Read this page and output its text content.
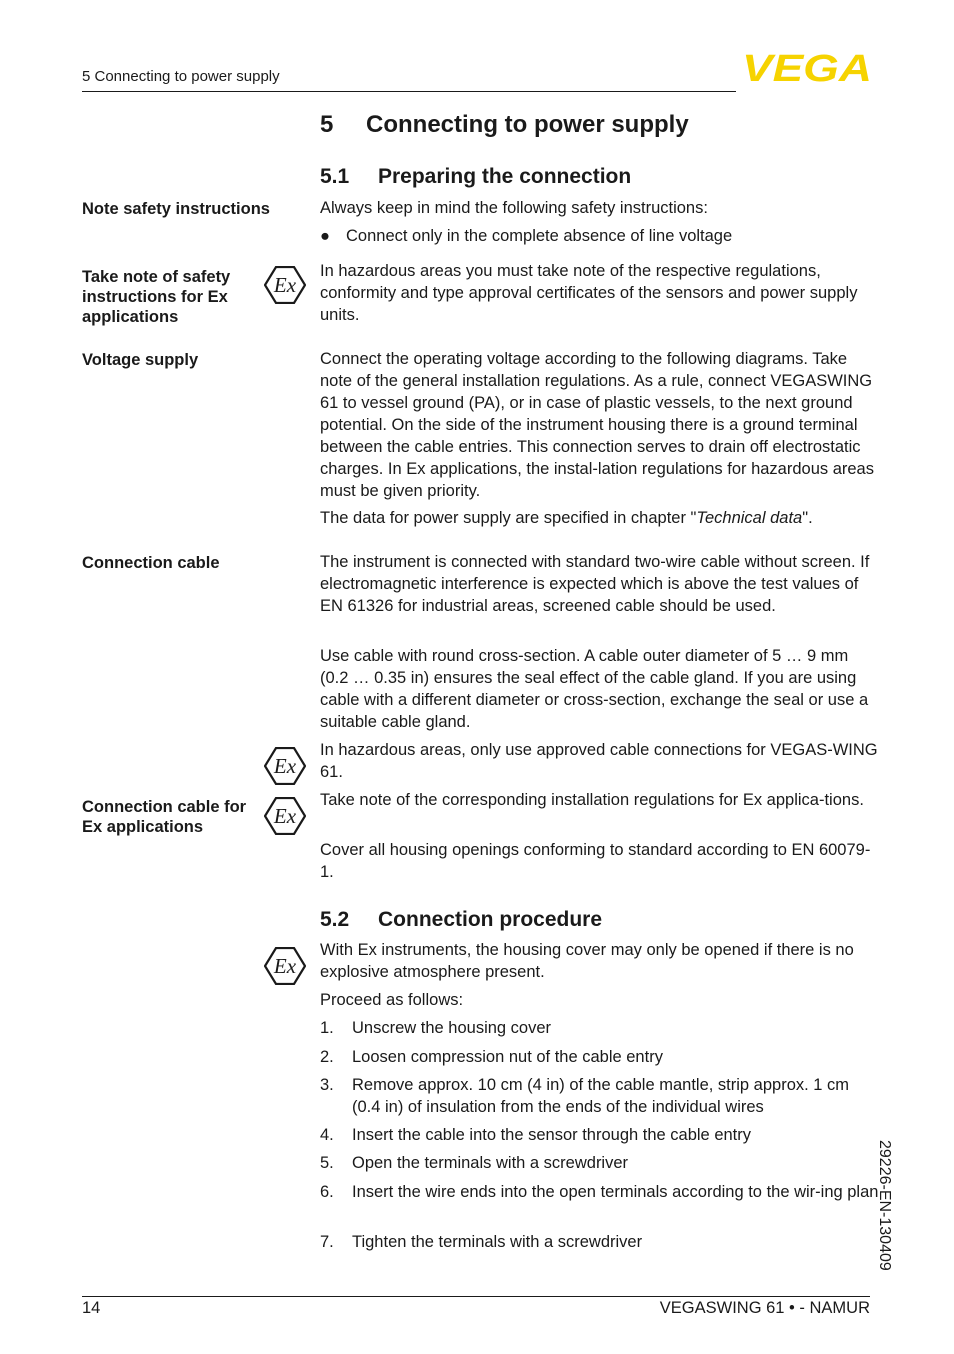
5 Connecting to power supply	VEGA
5 Connecting to power supply
5.1 Preparing the connection
Note safety instructions	Always keep in mind the following safety instructions:
● Connect only in the complete absence of line voltage
Take note of safety instructions for Ex applications
Ex
In hazardous areas you must take note of the respective regulations, conformity and type approval certificates of the sensors and power supply units.
Voltage supply	Connect the operating voltage according to the following diagrams. Take note of the general installation regulations. As a rule, connect VEGASWING 61 to vessel ground (PA), or in case of plastic vessels, to the next ground potential. On the side of the instrument housing there is a ground terminal between the cable entries. This connection serves to drain off electrostatic charges. In Ex applications, the instal-lation regulations for hazardous areas must be given priority.
The data for power supply are specified in chapter "Technical data".
Connection cable	The instrument is connected with standard two-wire cable without screen. If electromagnetic interference is expected which is above the test values of EN 61326 for industrial areas, screened cable should be used.
Use cable with round cross-section. A cable outer diameter of 5 … 9 mm (0.2 … 0.35 in) ensures the seal effect of the cable gland. If you are using cable with a different diameter or cross-section, exchange the seal or use a suitable cable gland.
Ex
In hazardous areas, only use approved cable connections for VEGAS-WING 61.
Connection cable for Ex applications	Ex
Take note of the corresponding installation regulations for Ex applica-tions.
Cover all housing openings conforming to standard according to EN 60079-1.
5.2 Connection procedure
Ex
With Ex instruments, the housing cover may only be opened if there is no explosive atmosphere present.
Proceed as follows:
1. Unscrew the housing cover
2. Loosen compression nut of the cable entry
3. Remove approx. 10 cm (4 in) of the cable mantle, strip approx. 1 cm (0.4 in) of insulation from the ends of the individual wires
4. Insert the cable into the sensor through the cable entry
5. Open the terminals with a screwdriver
6. Insert the wire ends into the open terminals according to the wir-ing plan
7. Tighten the terminals with a screwdriver	29226-EN-130409
14	VEGASWING 61 • - NAMUR
